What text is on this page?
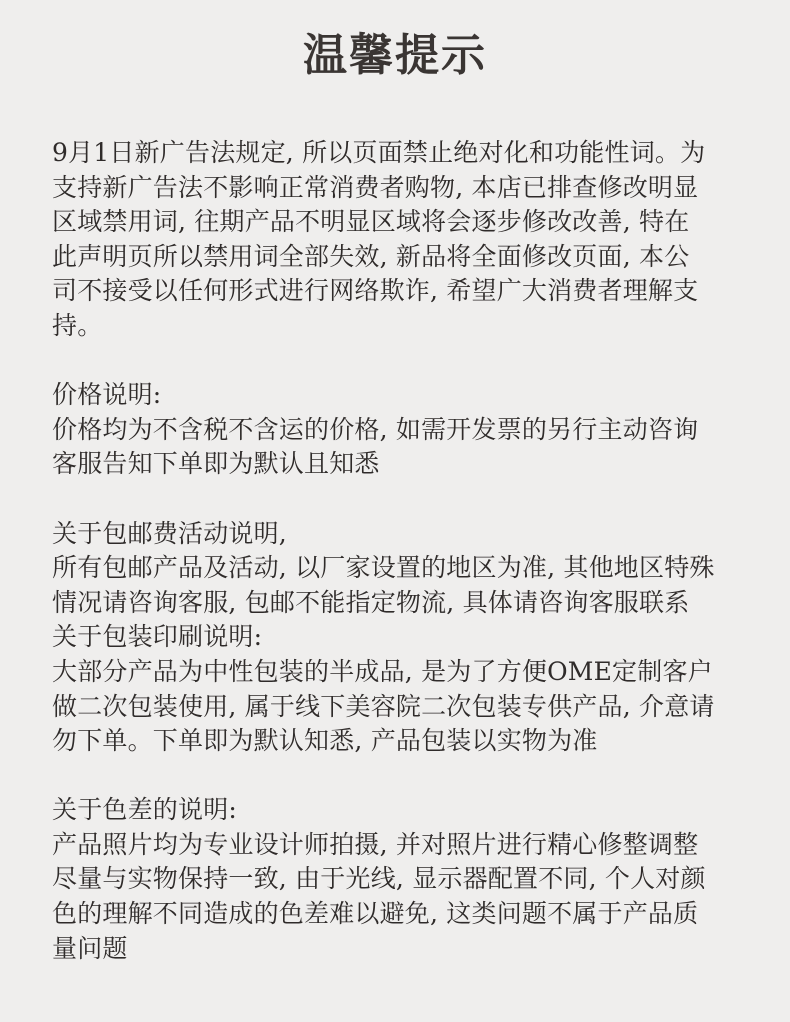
温馨提示
9月1日新广告法规定, 所以页面禁止绝对化和功能性词。为
支持新广告法不影响正常消费者购物, 本店已排查修改明显
区域禁用词, 往期产品不明显区域将会逐步修改改善, 特在
此声明页所以禁用词全部失效, 新品将全面修改页面, 本公
司不接受以任何形式进行网络欺诈, 希望广大消费者理解支
持。
价格说明:
价格均为不含税不含运的价格, 如需开发票的另行主动咨询
客服告知下单即为默认且知悉
关于包邮费活动说明,
所有包邮产品及活动, 以厂家设置的地区为准, 其他地区特殊
情况请咨询客服, 包邮不能指定物流, 具体请咨询客服联系
关于包装印刷说明:
大部分产品为中性包装的半成品, 是为了方便OME定制客户
做二次包装使用, 属于线下美容院二次包装专供产品, 介意请
勿下单。下单即为默认知悉, 产品包装以实物为准
关于色差的说明:
产品照片均为专业设计师拍摄, 并对照片进行精心修整调整
尽量与实物保持一致, 由于光线, 显示器配置不同, 个人对颜
色的理解不同造成的色差难以避免, 这类问题不属于产品质
量问题
